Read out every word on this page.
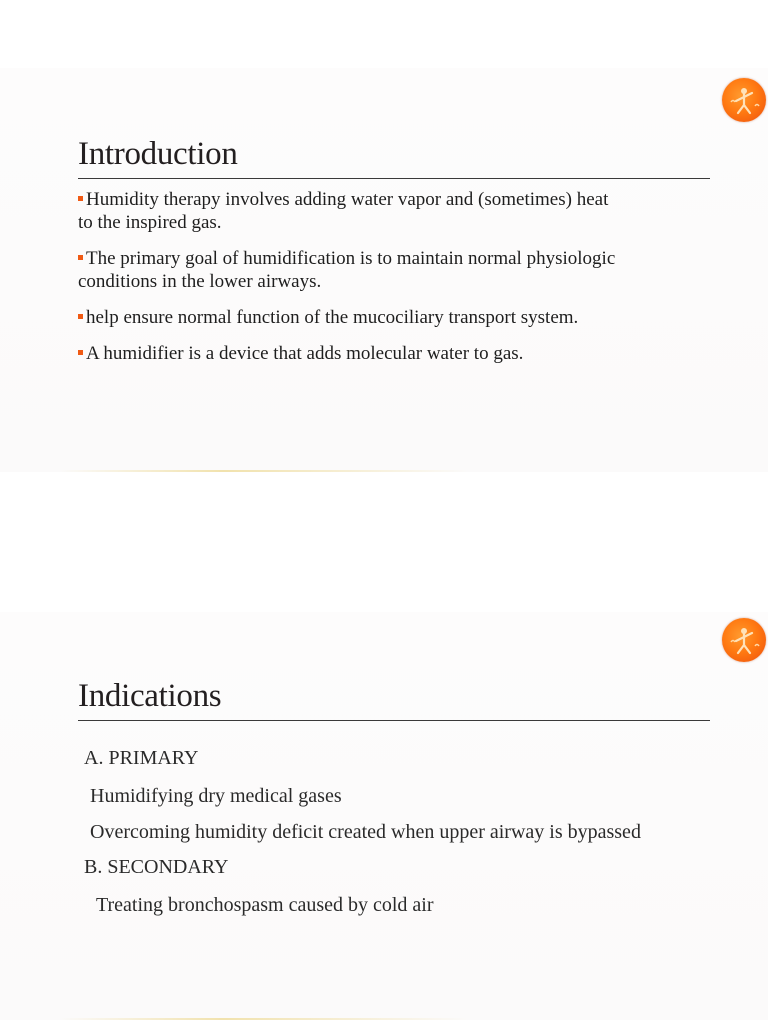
Introduction
Humidity therapy involves adding water vapor and (sometimes) heat
to the inspired gas.
The primary goal of humidification is to maintain normal physiologic
conditions in the lower airways.
help ensure normal function of the mucociliary transport system.
A humidifier is a device that adds molecular water to gas.
Indications
A. PRIMARY
Humidifying dry medical gases
Overcoming humidity deficit created when upper airway is bypassed
B. SECONDARY
Treating bronchospasm caused by cold air
